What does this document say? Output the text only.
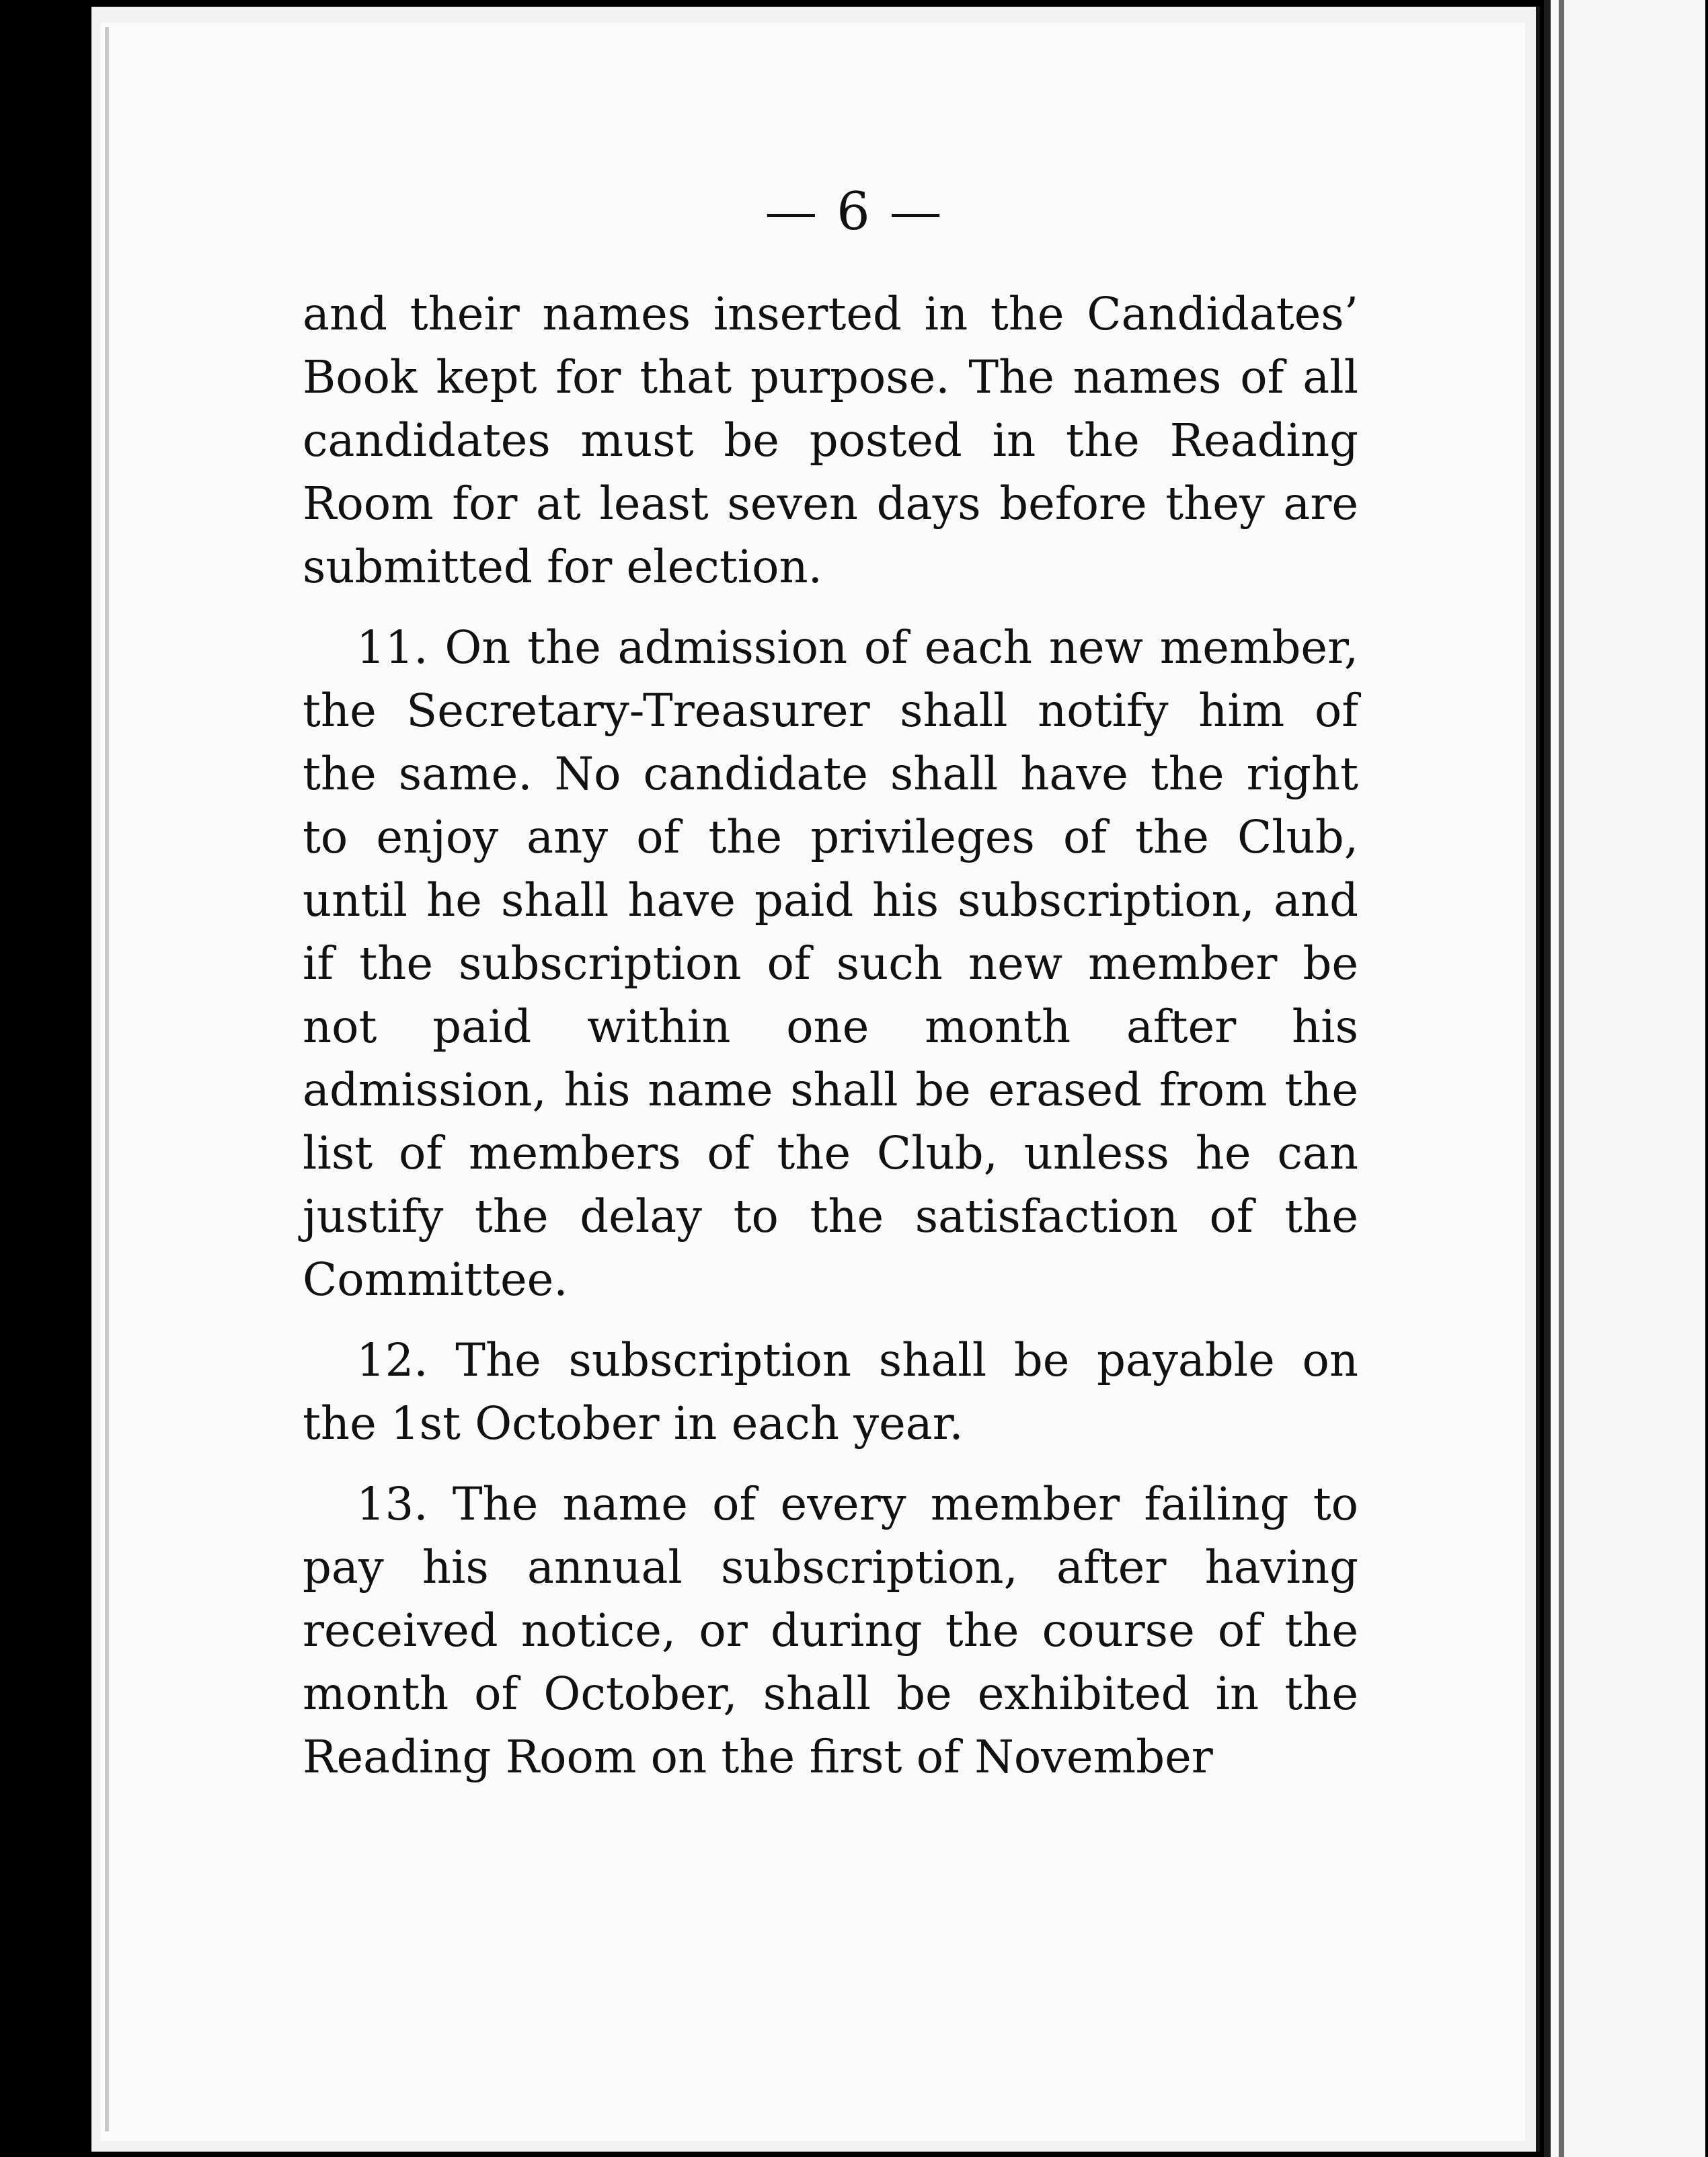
— 6 —

and their names inserted in the Candidates’ Book kept for that purpose. The names of all candidates must be posted in the Reading Room for at least seven days before they are submitted for election.

11. On the admission of each new member, the Secretary-Treasurer shall notify him of the same. No candidate shall have the right to enjoy any of the privileges of the Club, until he shall have paid his subscription, and if the subscription of such new member be not paid within one month after his admission, his name shall be erased from the list of members of the Club, unless he can justify the delay to the satisfaction of the Committee.

12. The subscription shall be payable on the 1st October in each year.

13. The name of every member failing to pay his annual subscription, after having received notice, or during the course of the month of October, shall be exhibited in the Reading Room on the first of November
